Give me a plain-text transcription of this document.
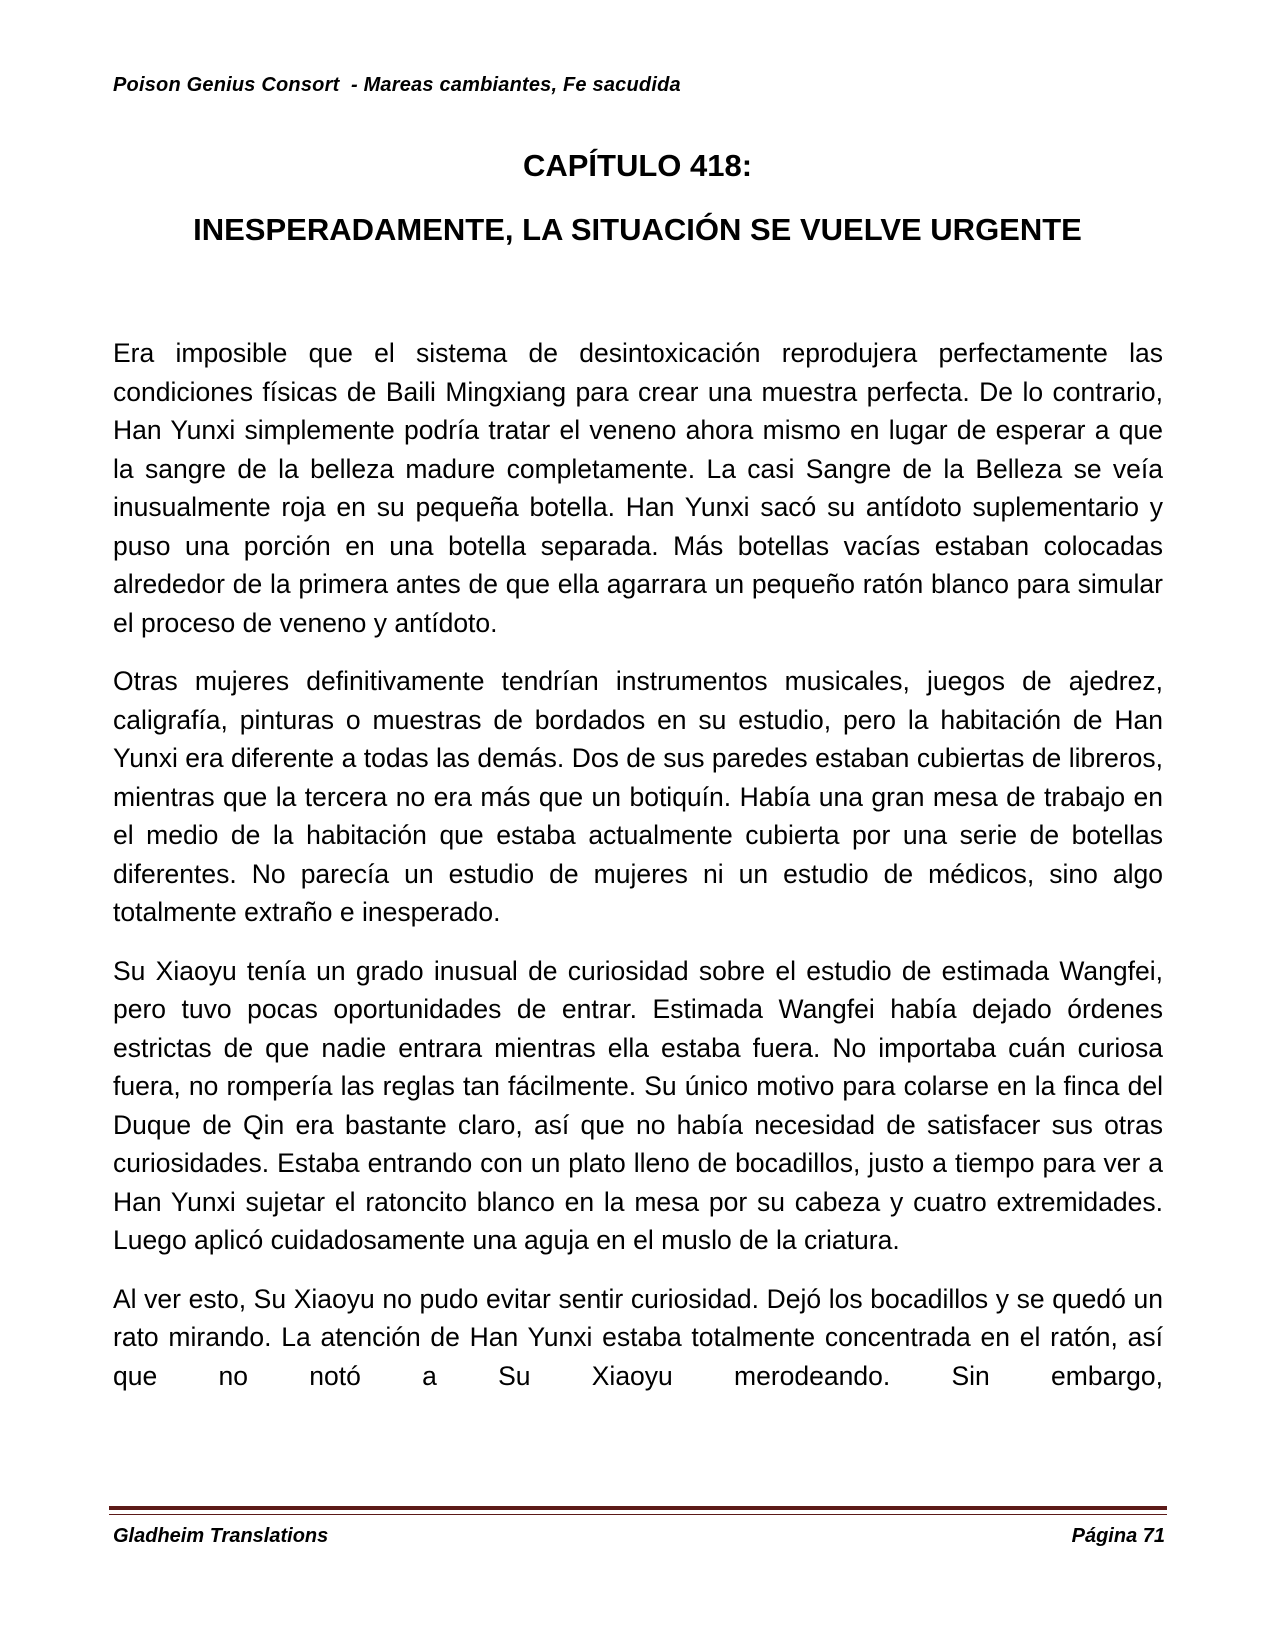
Poison Genius Consort  - Mareas cambiantes, Fe sacudida
CAPÍTULO 418:
INESPERADAMENTE, LA SITUACIÓN SE VUELVE URGENTE

Era imposible que el sistema de desintoxicación reprodujera perfectamente las condiciones físicas de Baili Mingxiang para crear una muestra perfecta. De lo contrario, Han Yunxi simplemente podría tratar el veneno ahora mismo en lugar de esperar a que la sangre de la belleza madure completamente. La casi Sangre de la Belleza se veía inusualmente roja en su pequeña botella. Han Yunxi sacó su antídoto suplementario y puso una porción en una botella separada. Más botellas vacías estaban colocadas alrededor de la primera antes de que ella agarrara un pequeño ratón blanco para simular el proceso de veneno y antídoto.

Otras mujeres definitivamente tendrían instrumentos musicales, juegos de ajedrez, caligrafía, pinturas o muestras de bordados en su estudio, pero la habitación de Han Yunxi era diferente a todas las demás. Dos de sus paredes estaban cubiertas de libreros, mientras que la tercera no era más que un botiquín. Había una gran mesa de trabajo en el medio de la habitación que estaba actualmente cubierta por una serie de botellas diferentes. No parecía un estudio de mujeres ni un estudio de médicos, sino algo totalmente extraño e inesperado.

Su Xiaoyu tenía un grado inusual de curiosidad sobre el estudio de estimada Wangfei, pero tuvo pocas oportunidades de entrar. Estimada Wangfei había dejado órdenes estrictas de que nadie entrara mientras ella estaba fuera. No importaba cuán curiosa fuera, no rompería las reglas tan fácilmente. Su único motivo para colarse en la finca del Duque de Qin era bastante claro, así que no había necesidad de satisfacer sus otras curiosidades. Estaba entrando con un plato lleno de bocadillos, justo a tiempo para ver a Han Yunxi sujetar el ratoncito blanco en la mesa por su cabeza y cuatro extremidades. Luego aplicó cuidadosamente una aguja en el muslo de la criatura.

Al ver esto, Su Xiaoyu no pudo evitar sentir curiosidad. Dejó los bocadillos y se quedó un rato mirando. La atención de Han Yunxi estaba totalmente concentrada en el ratón, así que no notó a Su Xiaoyu merodeando. Sin embargo,

Gladheim Translations	Página 71
